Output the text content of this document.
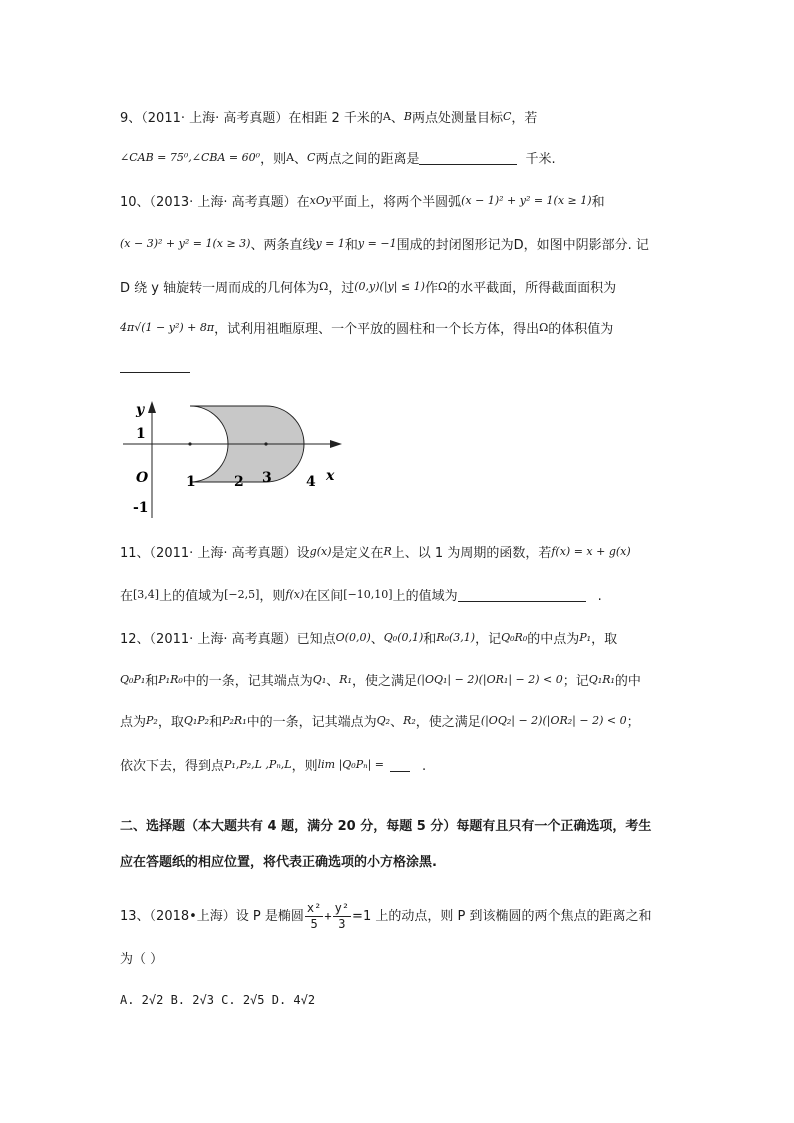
9、（2011· 上海· 高考真题）在相距 2 千米的A、B两点处测量目标C，若
∠CAB = 75⁰,∠CBA = 60⁰，则A、C两点之间的距离是	千米.
10、（2013· 上海· 高考真题）在xOy平面上，将两个半圆弧(x − 1)² + y² = 1(x ≥ 1)和
(x − 3)² + y² = 1(x ≥ 3)、两条直线y = 1和y = −1围成的封闭图形记为D，如图中阴影部分. 记
D 绕 y 轴旋转一周而成的几何体为Ω，过(0,y)(|y| ≤ 1)作Ω的水平截面，所得截面面积为
4π√(1 − y²) + 8π，试利用祖暅原理、一个平放的圆柱和一个长方体，得出Ω的体积值为
y
x
O
1
-1
1	2 3 4
11、（2011· 上海· 高考真题）设g(x)是定义在R上、以 1 为周期的函数，若f(x) = x + g(x)
在[3,4]上的值域为[−2,5]，则f(x)在区间[−10,10]上的值域为	.
12、（2011· 上海· 高考真题）已知点O(0,0)、Q₀(0,1)和R₀(3,1)，记Q₀R₀的中点为P₁，取
Q₀P₁和P₁R₀中的一条，记其端点为Q₁、R₁，使之满足(|OQ₁| − 2)(|OR₁| − 2) < 0；记Q₁R₁的中
点为P₂，取Q₁P₂和P₂R₁中的一条，记其端点为Q₂、R₂，使之满足(|OQ₂| − 2)(|OR₂| − 2) < 0；
依次下去，得到点P₁,P₂,L ,Pₙ,L，则lim |Q₀Pₙ| =	.
二、选择题（本大题共有 4 题，满分 20 分，每题 5 分）每题有且只有一个正确选项，考生
应在答题纸的相应位置，将代表正确选项的小方格涂黑.
13、（2018•上海）设 P 是椭圆 $\frac{\text{x²}}{5} + \frac{\text{y²}}{3} =1$ 上的动点，则 P 到该椭圆的两个焦点的距离之和
为（ ）
A. 2√2 B. 2√3 C. 2√5 D. 4√2
